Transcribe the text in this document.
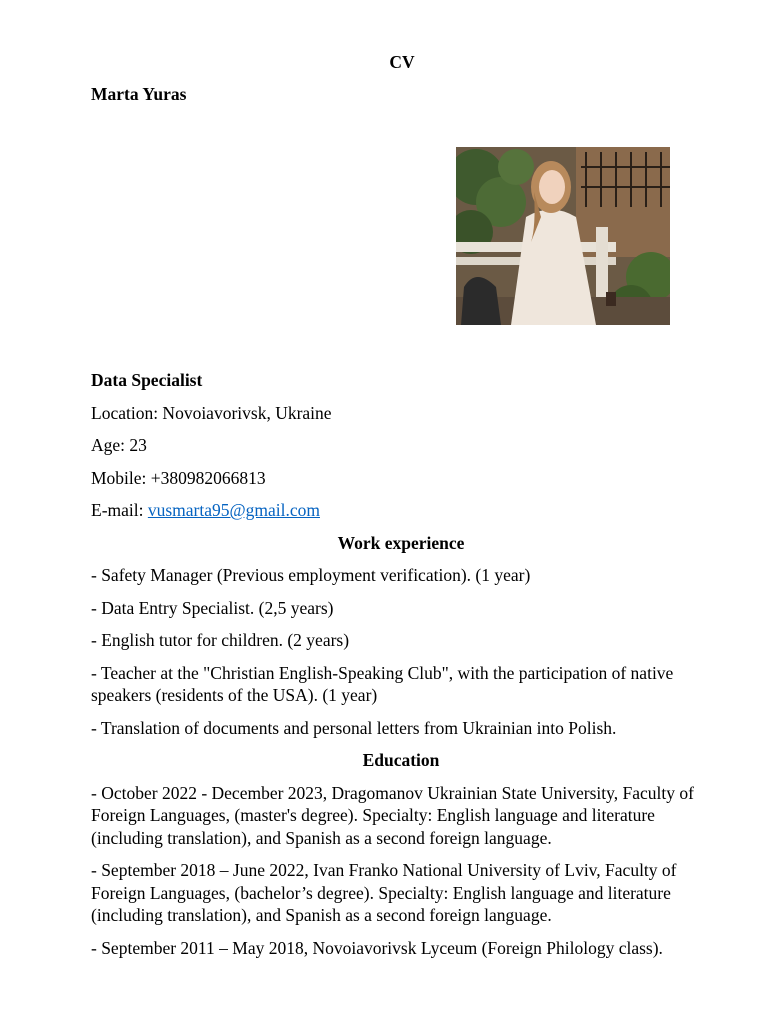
CV
Marta Yuras
Data Specialist
Location: Novoiavorivsk, Ukraine
Age: 23
Mobile: +380982066813
E-mail: vusmarta95@gmail.com
Work experience
- Safety Manager (Previous employment verification). (1 year)
- Data Entry Specialist. (2,5 years)
- English tutor for children. (2 years)
- Teacher at the "Christian English-Speaking Club", with the participation of native speakers (residents of the USA). (1 year)
- Translation of documents and personal letters from Ukrainian into Polish.
Education
- October 2022 - December 2023, Dragomanov Ukrainian State University, Faculty of Foreign Languages, (master's degree). Specialty: English language and literature (including translation), and Spanish as a second foreign language.
- September 2018 – June 2022, Ivan Franko National University of Lviv, Faculty of Foreign Languages, (bachelor’s degree). Specialty: English language and literature (including translation), and Spanish as a second foreign language.
- September 2011 – May 2018, Novoiavorivsk Lyceum (Foreign Philology class).
